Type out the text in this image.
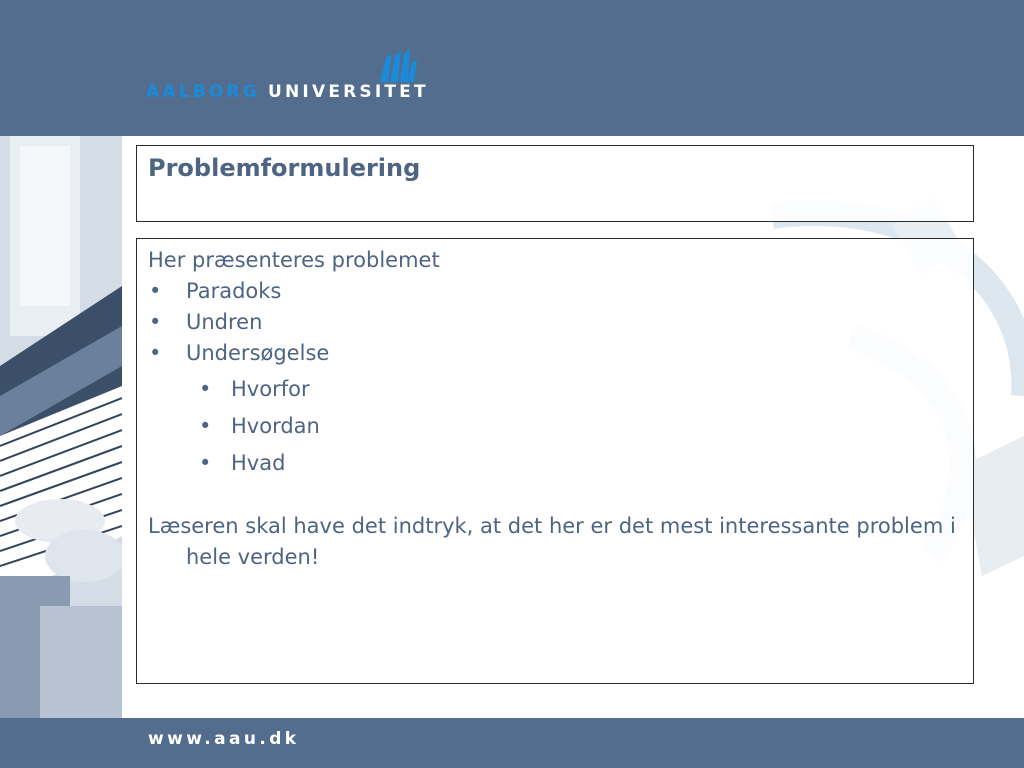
AALBORG UNIVERSITET
Problemformulering
Her præsenteres problemet
• Paradoks
• Undren
• Undersøgelse
• Hvorfor
• Hvordan
• Hvad
Læseren skal have det indtryk, at det her er det mest interessante problem i hele verden!
www.aau.dk
